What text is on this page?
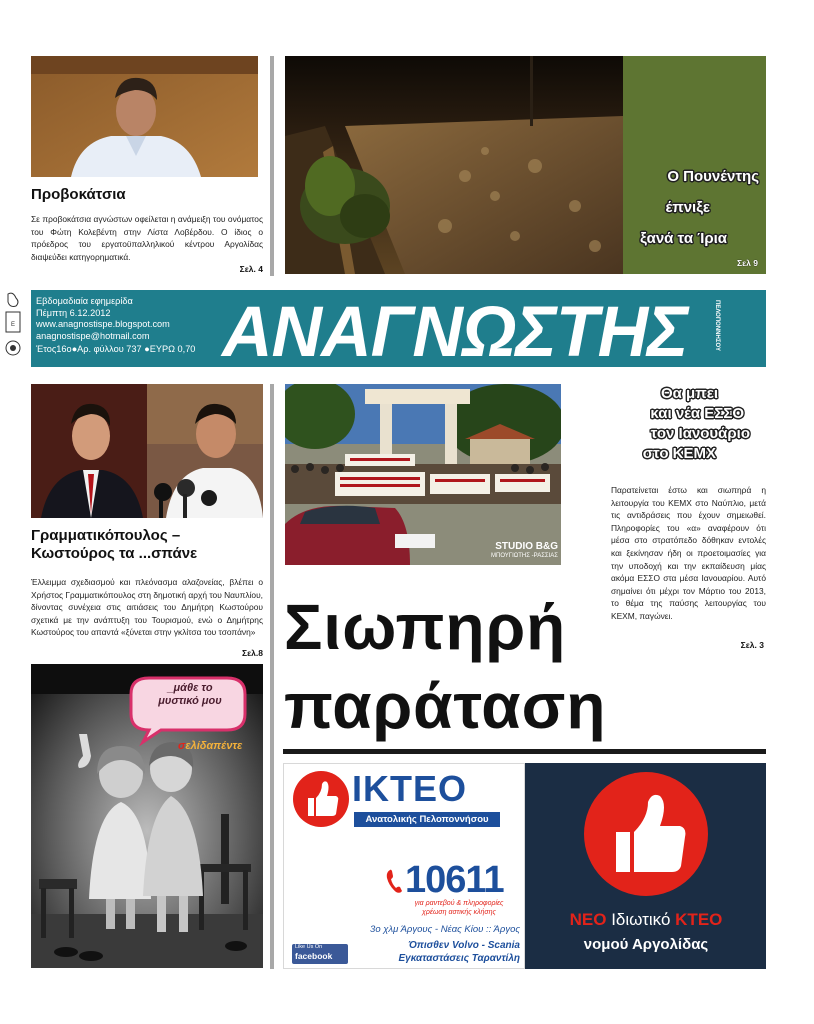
Προβοκάτσια
Σε προβοκάτσια αγνώστων οφείλεται η ανάμειξη του ονόματος του Φώτη Κολεβέντη στην Λίστα Λοβέρδου. Ο ίδιος ο πρόεδρος του εργατοϋπαλληλικού κέντρου Αργολίδας διαψεύδει κατηγορηματικά.
Σελ. 4
Ο Πουνέντης
έπνιξε
ξανά τα Ίρια
Σελ 9
Ε
Εβδομαδιαία εφημερίδα
Πέμπτη 6.12.2012
www.anagnostispe.blogspot.com
anagnostispe@hotmail.com
Έτος16ο●Αρ. φύλλου 737 ●ΕΥΡΩ 0,70 ΑΝΑΓΝΩΣΤΗΣ	ΠΕΛΟΠΟΝΝΗΣΟΥ
Γραμματικόπουλος – Κωστούρος τα ...σπάνε
Έλλειμμα σχεδιασμού και πλεόνασμα αλαζονείας, βλέπει ο Χρήστος Γραμματικόπουλος στη δημοτική αρχή του Ναυπλίου, δίνοντας συνέχεια στις αιτιάσεις του Δημήτρη Κωστούρου σχετικά με την ανάπτυξη του Τουρισμού, ενώ ο Δημήτρης Κωστούρος του απαντά «ξύνεται στην γκλίτσα του τσοπάνη»
Σελ.8
STUDIO B&G
ΜΠΟΥΓΙΩΤΗΣ -ΡΑΣΣΙΑΣ
Θα μπει
και νέα ΕΣΣΟ
τον Ιανουάριο
στο ΚΕΜΧ
Παρατείνεται έστω και σιωπηρά η λειτουργία του ΚΕΜΧ στο Ναύπλιο, μετά τις αντιδράσεις που έχουν σημειωθεί. Πληροφορίες του «α» αναφέρουν ότι μέσα στο στρατόπεδο δόθηκαν εντολές και ξεκίνησαν ήδη οι προετοιμασίες για την υποδοχή και την εκπαίδευση μίας ακόμα ΕΣΣΟ στα μέσα Ιανουαρίου. Αυτό σημαίνει ότι μέχρι τον Μάρτιο του 2013, το θέμα της παύσης λειτουργίας του ΚΕΧΜ, παγώνει.
Σελ. 3
Σιωπηρή
παράταση
_μάθε το
μυστικό μου
σελίδαπέντε
ΙΚΤΕΟ
Ανατολικής Πελοποννήσου
10611
για ραντεβού & πληροφορίες
χρέωση αστικής κλήσης
3ο χλμ Άργους - Νέας Κίου :: Άργος
Όπισθεν Volvo - Scania
Εγκαταστάσεις Ταραντίλη
Like Us On
facebook
ΝΕΟ Ιδιωτικό ΚΤΕΟ
νομού Αργολίδας
